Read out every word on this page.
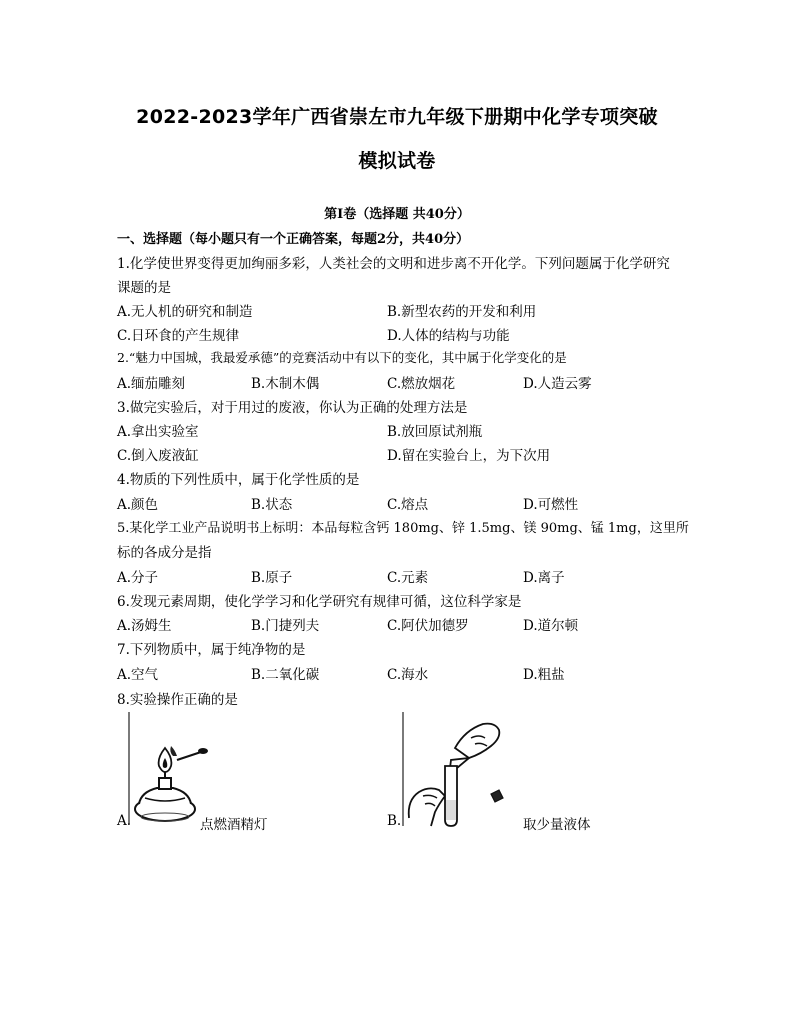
2022-2023学年广西省崇左市九年级下册期中化学专项突破
模拟试卷
第I卷（选择题 共40分）
一、选择题（每小题只有一个正确答案，每题2分，共40分）
1.化学使世界变得更加绚丽多彩，人类社会的文明和进步离不开化学。下列问题属于化学研究
课题的是
A.无人机的研究和制造	B.新型农药的开发和利用
C.日环食的产生规律	D.人体的结构与功能
2.“魅力中国城，我最爱承德”的竞赛活动中有以下的变化，其中属于化学变化的是
A.缅茄雕刻	B.木制木偶	C.燃放烟花	D.人造云雾
3.做完实验后，对于用过的废液，你认为正确的处理方法是
A.拿出实验室	B.放回原试剂瓶
C.倒入废液缸	D.留在实验台上，为下次用
4.物质的下列性质中，属于化学性质的是
A.颜色	B.状态	C.熔点	D.可燃性
5.某化学工业产品说明书上标明：本品每粒含钙 180mg、锌 1.5mg、镁 90mg、锰 1mg，这里所
标的各成分是指
A.分子	B.原子	C.元素	D.离子
6.发现元素周期，使化学学习和化学研究有规律可循，这位科学家是
A.汤姆生	B.门捷列夫	C.阿伏加德罗	D.道尔顿
7.下列物质中，属于纯净物的是
A.空气	B.二氧化碳	C.海水	D.粗盐
8.实验操作正确的是
A.	点燃酒精灯	B.	取少量液体
